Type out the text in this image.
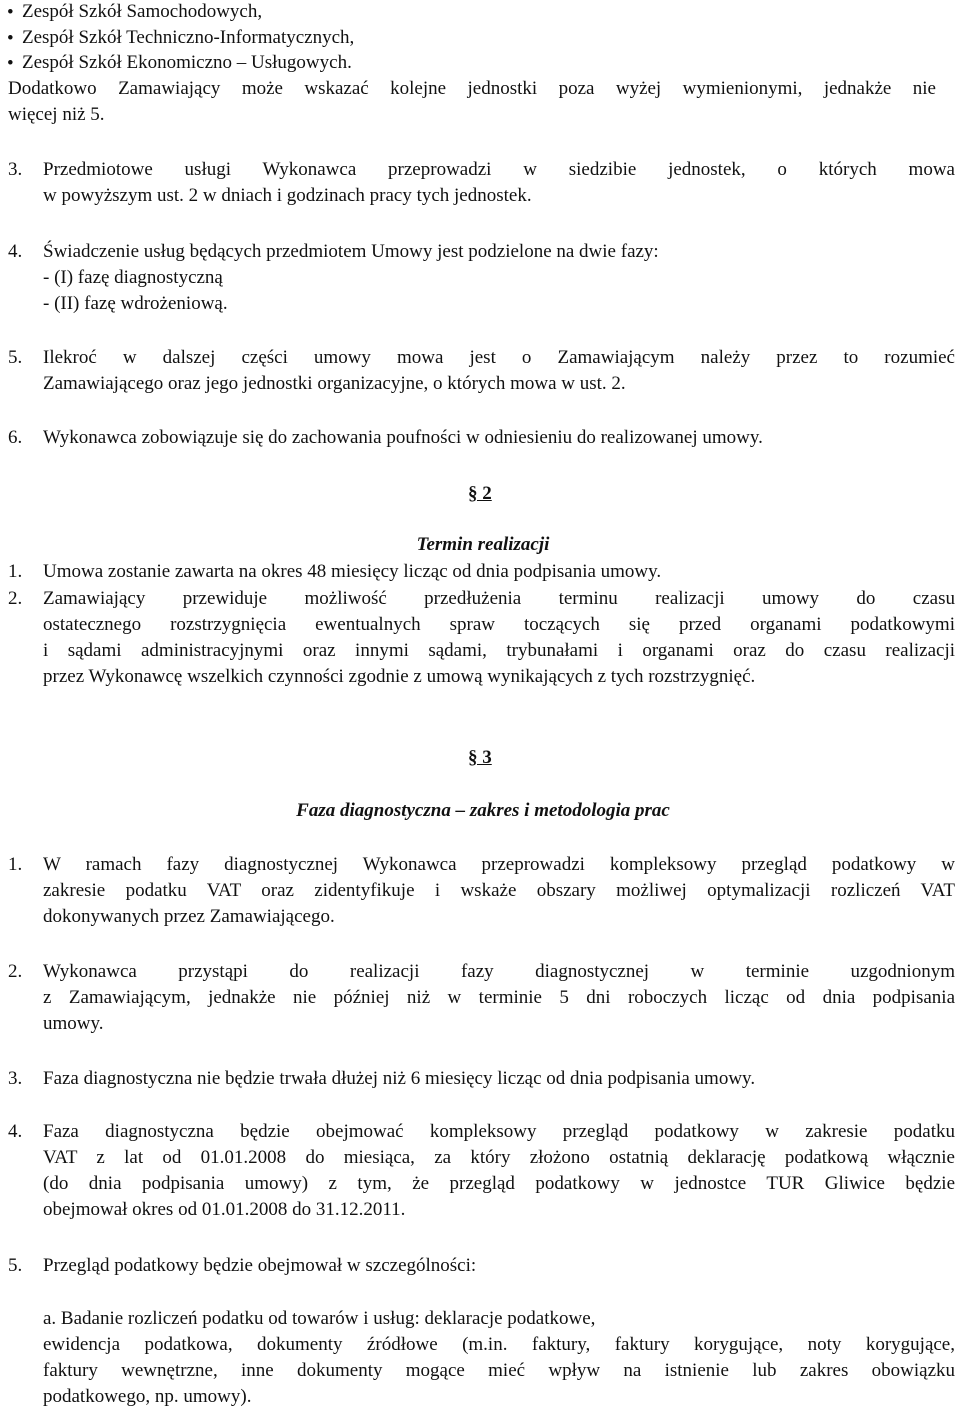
• Zespół Szkół Samochodowych,
• Zespół Szkół Techniczno-Informatycznych,
• Zespół Szkół Ekonomiczno – Usługowych.
Dodatkowo Zamawiający może wskazać kolejne jednostki poza wyżej wymienionymi, jednakże nie
więcej niż 5.
3. Przedmiotowe usługi Wykonawca przeprowadzi w siedzibie jednostek, o których mowa
w powyższym ust. 2 w dniach i godzinach pracy tych jednostek.
4. Świadczenie usług będących przedmiotem Umowy jest podzielone na dwie fazy:
- (I) fazę diagnostyczną
- (II) fazę wdrożeniową.
5. Ilekroć w dalszej części umowy mowa jest o Zamawiającym należy przez to rozumieć
Zamawiającego oraz jego jednostki organizacyjne, o których mowa w ust. 2.
6. Wykonawca zobowiązuje się do zachowania poufności w odniesieniu do realizowanej umowy.
§ 2
Termin realizacji
1. Umowa zostanie zawarta na okres 48 miesięcy licząc od dnia podpisania umowy.
2. Zamawiający przewiduje możliwość przedłużenia terminu realizacji umowy do czasu
ostatecznego rozstrzygnięcia ewentualnych spraw toczących się przed organami podatkowymi
i sądami administracyjnymi oraz innymi sądami, trybunałami i organami oraz do czasu realizacji
przez Wykonawcę wszelkich czynności zgodnie z umową wynikających z tych rozstrzygnięć.
§ 3
Faza diagnostyczna – zakres i metodologia prac
1. W ramach fazy diagnostycznej Wykonawca przeprowadzi kompleksowy przegląd podatkowy w
zakresie podatku VAT oraz zidentyfikuje i wskaże obszary możliwej optymalizacji rozliczeń VAT
dokonywanych przez Zamawiającego.
2. Wykonawca przystąpi do realizacji fazy diagnostycznej w terminie uzgodnionym
z Zamawiającym, jednakże nie później niż w terminie 5 dni roboczych licząc od dnia podpisania
umowy.
3. Faza diagnostyczna nie będzie trwała dłużej niż 6 miesięcy licząc od dnia podpisania umowy.
4. Faza diagnostyczna będzie obejmować kompleksowy przegląd podatkowy w zakresie podatku
VAT z lat od 01.01.2008 do miesiąca, za który złożono ostatnią deklarację podatkową włącznie
(do dnia podpisania umowy) z tym, że przegląd podatkowy w jednostce TUR Gliwice będzie
obejmował okres od 01.01.2008 do 31.12.2011.
5. Przegląd podatkowy będzie obejmował w szczególności:
a. Badanie rozliczeń podatku od towarów i usług: deklaracje podatkowe,
ewidencja podatkowa, dokumenty źródłowe (m.in. faktury, faktury korygujące, noty korygujące,
faktury wewnętrzne, inne dokumenty mogące mieć wpływ na istnienie lub zakres obowiązku
podatkowego, np. umowy).
